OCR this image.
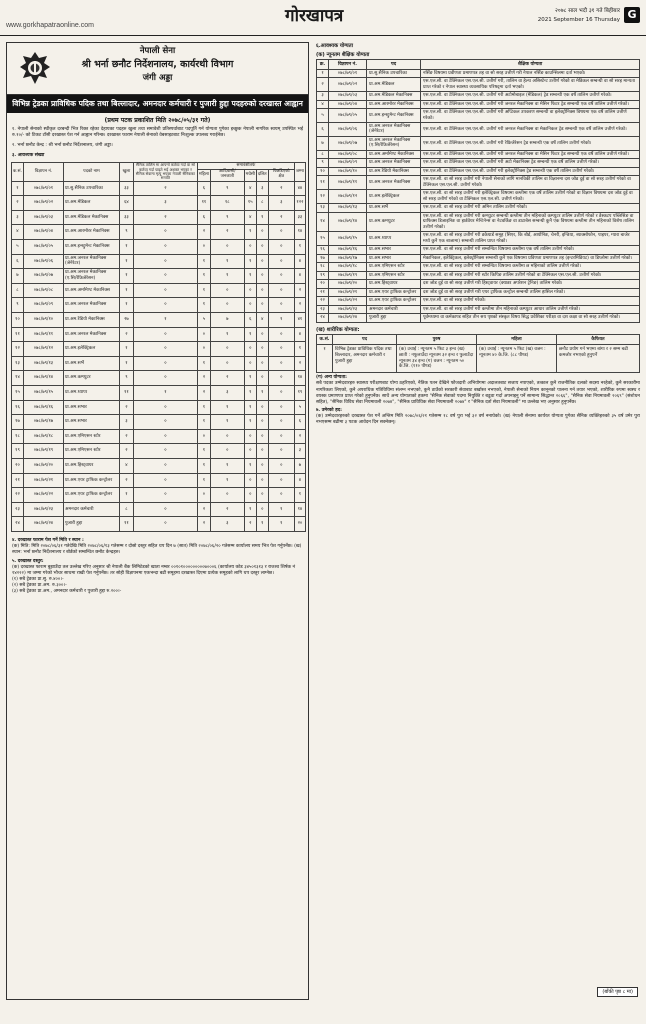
www.gorkhapatraonline.com	गोरखापत्र	२०७८ साल भदौ ३१ गते बिहीबार
2021 September 16 Thursday G
नेपाली सेना
श्री भर्ना छनौट निर्देशनालय, कार्यरथी विभाग
जंगी अड्डा
विभिन्न ट्रेडका प्राविधिक पदिक तथा बिल्लादार, अमनदार कर्मचारी र पुजारी हुद्दा पदहरुको दरखास्त आह्वान
(प्रथम पटक प्रकाशित मिति २०७८/०५/३१ गते)
१. नेपाली सेनाको स्थीकृत दरबन्दी भित्र रिक्त रहेका देहायका पदहरु खुला तथा समावेशी प्रतिस्पर्धाबाट पदपूर्ति गर्न योग्यता पुगेका इच्छुक नेपाली नागरिक स्वयम् उपस्थित भई रु.१०/- को टिकट टाँसी दरखास्त पेश गर्न आह्वान गरिन्छ। दरखास्त फाराम नेपाली सेनाको वेबसाइटबाट निःशुल्क उपलब्ध गराईनेछ।
२. भर्ना छनौट केन्द्र : श्री भर्ना छनौट निर्देशनालय, जंगी अड्डा।
३. आवश्यक संख्या
क.सं.	विज्ञापन नं.	पदको नाम	खुला	सैनिक तालिम मा आफ्नो कर्तव्य गर्दा वा सो कर्तव्य गर्दा घाइते भई अशक्त भएका र सैनिक सेवामा मृत्यु भएका नेपाली सैनिकका सन्तति	समावेशीतर्फ					जम्मा
					महिला	आदिवासी/ जनजाती	मधेसी	दलित	पिछडिएको क्षेत्र	
१	०७८/७९/०१	प्रा.सु.सैनिक उपचारिका	३३	२	६	९	४	३	२	४४
२	०७८/७९/०२	प्रा.अम.मेडिकल	६४	३	११	१८	१५	८	३	१२२
३	०७८/७९/०३	प्रा.अम.मेडिकल मेकानिक्स	३३	२	६	९	४	१	२	३३
४	०७८/७९/०४	प्रा.अम.आरमोरर मेकानिक्स	९	०	२	२	१	०	०	१४
५	०७८/७९/०५	प्रा.अम.इन्स्ट्रुमेन्ट मेकानिक्स	१	०	०	०	०	०	०	१
६	०७८/७९/०६	प्रा.अम.जनरल मेकानिक्स (जेनेरेटर)	१	०	१	१	१	०	०	४
७	०७८/७९/०७	प्रा.अम.जनरल मेकानिक्स (ए.सि/रेफ्रिजेरेसन)	१	०	१	१	१	०	०	४
८	०७८/७९/०८	प्रा.अम.अर्मामेण्ट मेकानिक्स	१	०	१	०	०	०	०	२
९	०७८/७९/०९	प्रा.अम.जनरल मेकानिक्स	१	०	१	०	०	०	०	२
१०	०७८/७९/१०	प्रा.अम.रेडियो मेकानिक्स	२७	१	५	७	६	४	१	४१
११	०७८/७९/११	प्रा.अम.जनरल मेकानिक्स	२	०	०	१	१	०	०	४
१२	०७८/७९/१२	प्रा.अम.इलेक्ट्रिकल	१	०	०	०	०	०	०	१
१३	०७८/७९/१३	प्रा.अम.सर्भे	१	०	१	०	०	०	०	२
१४	०७८/७९/१४	प्रा.अम.कम्प्युटर	९	०	२	२	१	०	०	१४
१५	०७८/७९/१५	प्रा.अम.ध्याप्प	११	१	२	३	१	१	०	१९
१६	०७८/७९/१६	प्रा.अम.सभार	२	०	१	१	१	०	०	५
१७	०७८/७९/१७	प्रा.अम.सभार	३	०	१	१	१	०	०	६
१८	०७८/७९/१८	प्रा.अम.एमिएसन स्टोर	२	०	०	०	०	०	०	२
१९	०७८/७९/१९	प्रा.अम.एमिएसन स्टोर	२	०	१	०	०	०	०	३
२०	०७८/७९/२०	प्रा.अम.हिस्ट्वायर	४	०	१	१	१	०	०	७
२१	०७८/७९/२१	प्रा.अम.एयर ट्राफिक कन्ट्रोलर	२	०	१	१	०	०	०	४
२२	०७८/७९/२२	प्रा.अम.एयर ट्राफिक कन्ट्रोलर	१	०	०	०	०	०	०	१
२३	०७८/७९/२३	अमनदार कर्मचारी	८	०	२	२	१	०	१	१४
२४	०७८/७९/२४	पुजारी हुद्दा	११	०	२	३	२	१	१	२०
४. दरखास्त फाराम पेश गर्ने मिति र स्थान :
(क) मिति: मिति २०७८/०६/३१ गतेदेखि मिति २०७८/०६/१३ गतेसम्म र दोस्रो दस्तुर सहित थप दिन ७ (सात) मिति २०७८/०६/२० गतेसम्म कार्यालय समय भित्र पेश गर्नुपर्नेछ। (ख) स्थान: भर्ना छनौट निर्देशनालय र बोर्डको सम्बन्धित छनौट केन्द्रहरु।
५. दरखास्त दस्तुर:
(क) दरखास्त फाराम बुझाउँदा तल उल्लेख गरिए अनुसार श्री नेपाली बैंक लिमिटेडको खाता नम्बर ००१०१०००००००००७०००६ (कार्यालय कोड ३४५०१३१३ र राजश्व शिर्षक नं १४२२२) मा जम्मा गरेको भौचर साथमा राखी पेश गर्नुपर्नेछ। तर सोही विज्ञापनमा एकभन्दा बढी समूहमा दरखास्त दिएमा प्रत्येक समूहको लागि थप दस्तुर लाग्नेछ।
(१) सबै ट्रेडका प्रा.सु. रु.४००।-
(२) सबै ट्रेडका प्रा.अम. रु.३००।-
(३) सबै ट्रेडका प्रा.अम., अमनदार कर्मचारी र पुजारी हुद्दा रु.२००।-
६.आवश्यक योग्यता
(क) न्यूनतम शैक्षिक योग्यता
क्र.	विज्ञापन नं.	पद	शैक्षिक योग्यता
१	०७८/७९/०१	प्रा.सु.सैनिक उपचारिका	नर्सिङ विषयमा प्रवीणता प्रमाणपत्र तह वा सो सरह उत्तीर्ण गरी नेपाल नर्सिङ काउन्सिलमा दर्ता भएको।
२	०७८/७९/०२	प्रा.अम.मेडिकल	एस.एल.सी. वा टेक्निकल एस.एल.सी. उत्तीर्ण गरी, तालिम वा हेल्थ असिस्टेन्ट उत्तीर्ण गरेको वा मेडिकल सम्बन्धी वा सो सरह मान्यता प्राप्त गरेको र नेपाल स्वास्थ्य व्यवसायिक परिषद्‌मा दर्ता भएको।
३	०७८/७९/०३	प्रा.अम.मेडिकल मेकानिक्स	एस.एल.सी. वा टेक्निकल एस.एल.सी. उत्तीर्ण गरी अटोमोबाइल (मेडिकल) ट्रेड सम्बन्धी एक वर्षे तालिम उत्तीर्ण गरेको।
४	०७८/७९/०४	प्रा.अम.आरमोरर मेकानिक्स	एस.एल.सी. वा टेक्निकल एस.एल.सी. उत्तीर्ण गरी जनरल मेकानिक्स वा मेसिन फिटर ट्रेड सम्बन्धी एक वर्षे तालिम उत्तीर्ण गरेको।
५	०७८/७९/०५	प्रा.अम.इन्स्ट्रुमेन्ट मेकानिक्स	एस.एल.सी. वा टेक्निकल एस.एल.सी. उत्तीर्ण गरी अप्टिकल उपकरण सम्बन्धी वा इलेक्ट्रोनिक्स विषयमा एक वर्षे तालिम उत्तीर्ण गरेको।
६	०७८/७९/०६	प्रा.अम.जनरल मेकानिक्स (जेनेरेटर)	एस.एल.सी. वा टेक्निकल एस.एल.सी. उत्तीर्ण गरी जनरल मेकानिक्स वा मेकानिकल ट्रेड सम्बन्धी एक वर्षे तालिम उत्तीर्ण गरेको।
७	०७८/७९/०७	प्रा.अम.जनरल मेकानिक्स (ए.सि/रेफ्रिजेरेसन)	एस.एल.सी. वा टेक्निकल एस.एल.सी. उत्तीर्ण गरी रेफ्रिजेरेसन ट्रेड सम्बन्धी एक वर्षे तालिम उत्तीर्ण गरेको।
८	०७८/७९/०८	प्रा.अम.अर्मामेण्ट मेकानिक्स	एस.एल.सी. वा टेक्निकल एस.एल.सी. उत्तीर्ण गरी जनरल मेकानिक्स वा मेसिन फिटर ट्रेड सम्बन्धी एक वर्षे तालिम उत्तीर्ण गरेको।
९	०७८/७९/०९	प्रा.अम.जनरल मेकानिक्स	एस.एल.सी. वा टेक्निकल एस.एल.सी. उत्तीर्ण गरी अटो मेकानिक्स ट्रेड सम्बन्धी एक वर्षे तालिम उत्तीर्ण गरेको।
१०	०७८/७९/१०	प्रा.अम.रेडियो मेकानिक्स	एस.एल.सी. वा टेक्निकल एस.एल.सी. उत्तीर्ण गरी इलेक्ट्रोनिक्स ट्रेड सम्बन्धी एक वर्षे तालिम उत्तीर्ण गरेको।
११	०७८/७९/११	प्रा.अम.जनरल मेकानिक्स	एस.एल.सी. वा सो सरह उत्तीर्ण गरी नेपाली सेनाको लागि मानविकी तालिम वा विज्ञानमा दश जोड दुई वा सो सरह उत्तीर्ण गरेको वा टेक्निकल एस.एल.सी. उत्तीर्ण गरेको।
१२	०७८/७९/१२	प्रा.अम.इलेक्ट्रिकल	एस.एल.सी. वा सो सरह उत्तीर्ण गरी इलेक्ट्रिकल विषयमा कम्तीमा एक वर्षे तालिम उत्तीर्ण गरेको वा विज्ञान विषयमा दश जोड दुई वा सो सरह उत्तीर्ण गरेको वा टेक्निकल एस.एल.सी. उत्तीर्ण गरेको।
१३	०७८/७९/१३	प्रा.अम.सर्भे	एस.एल.सी. वा सो सरह उत्तीर्ण गरी अमिन तालिम उत्तीर्ण गरेको।
१४	०७८/७९/१४	प्रा.अम.कम्प्युटर	एस.एल.सी. वा सो सरह उत्तीर्ण गरी कम्प्युटर सम्बन्धी कम्तीमा तीन महिनाको कम्प्युटर तालिम उत्तीर्ण गरेको र डेस्कटप पब्लिसिङ वा ग्राफिक्स डिजाइनिङ वा हार्डवेयर मेन्टिनेन्स वा नेटवर्किङ वा डाटाबेस सम्बन्धी कुनै एक विषयमा कम्तीमा तीन महिनाको विशेष तालिम उत्तीर्ण गरेको।
१५	०७८/७९/१५	प्रा.अम.ध्याप्प	एस.एल.सी. वा सो सरह उत्तीर्ण गरी डकेयार्ड समूह (सिएर, कि बोर्ड, आयोनिङ, चेनरी, इन्डिया, ब्याक्सोफोन, पाइपर, ग्यारा बाजेर मध्ये कुनै एक बाजामा) सम्बन्धी तालिम प्राप्त गरेको।
१६	०७८/७९/१६	प्रा.अम.सभार	एस.एल.सी. वा सो सरह उत्तीर्ण गरी सम्बन्धित विषयमा कम्तीमा एक वर्षे तालिम उत्तीर्ण गरेको।
१७	०७८/७९/१७	प्रा.अम.सभार	मेकानिकल, इलेक्ट्रिकल, इलेक्ट्रोनिक्स सम्बन्धी कुनै एक विषयमा प्रविणता प्रमाणपत्र तह (इन्टरमिडियट) वा डिप्लोमा उत्तीर्ण गरेको।
१८	०७८/७९/१८	प्रा.अम.एमिएसन स्टोर	एस.एल.सी. वा सो सरह उत्तीर्ण गरी सम्बन्धित विषयमा कम्तीमा छ महिनाको तालिम उत्तीर्ण गरेको।
१९	०७८/७९/१९	प्रा.अम.एमिएसन स्टोर	एस.एल.सी. वा सो सरह उत्तीर्ण गरी स्टोर किपिङ तालिम उत्तीर्ण गरेको वा टेक्निकल एस.एल.सी. उत्तीर्ण गरेको।
२०	०७८/७९/२०	प्रा.अम.हिस्ट्वायर	दश जोड दुई वा सो सरह उत्तीर्ण गरी हिस्ट्वायर (क्याडर अपरेशन ट्रेनिङ) तालिम गरेको।
२१	०७८/७९/२१	प्रा.अम.एयर ट्राफिक कन्ट्रोलर	दश जोड दुई वा सो सरह उत्तीर्ण गरी एयर ट्राफिक कन्ट्रोल सम्बन्धी तालिम हासिल गरेको।
२२	०७८/७९/२२	प्रा.अम.एयर ट्राफिक कन्ट्रोलर	एस.एल.सी. वा सो सरह उत्तीर्ण गरेको।
२३	०७८/७९/२३	अमनदार कर्मचारी	एस.एल.सी. वा सो सरह उत्तीर्ण गरी कम्तीमा तीन महिनाको कम्प्युटर आधार तालिम उत्तीर्ण गरेको।
२४	०७८/७९/२४	पुजारी हुद्दा	पूर्वमध्यमा वा कर्मकाण्ड सहित तीन सय पृष्ठको संस्कृत विषय सिद्ध प्रवेशिका परीक्षा वा दश कक्षा वा सो सरह उत्तीर्ण गरेको।
(ख) शारीरिक योग्यता:
क.सं.	पद	पुरुष	महिला	कैफियत
१	विभिन्न ट्रेडका प्राविधिक पदिक तथा बिल्लादार, अमनदार कर्मचारी र पुजारी हुद्दा	(क) उचाई : न्यूनतम ५ फिट ३ इन्च (ख) छाती : नफुलाउँदा न्यूनतम ३२ इन्च र फुलाउँदा न्यूनतम ३४ इन्च (ग) वजन : न्यूनतम ५० के.जि. (११० पौण्ड)	(क) उचाई : न्यूनतम ५ फिट (ख) वजन : न्यूनतम ४० के.जि. (८८ पौण्ड)	छनौट प्रयोग गर्न भएमा बांगा र २ सम्म बढी कमजोर नभएको हुनुपर्ने
(ग) अन्य योग्यता:
सबै पदका उम्मेदवारहरु स्वास्थ्य परीक्षणबाट योग्य ठहरिएको, नैतिक पतन देखिने फौजदारी अभियोगमा अदालतबाट सजाय नपाएको, तत्काल कुनै राजनीतिक दलको सदस्य नरहेको, कुनै सरकारीमा नागरिकता लिएको, कुनै अपराधिक गतिविधिमा संलग्न नभएको, कुनै ठाउँको सरकारी सेवाबाट बर्खास्त नभएको, नेपाली सेनाको नियम कानूनको पालना गर्न तयार भएको, शारीरिक रुपमा स्वस्थ र वयस्क प्रमाणपत्र प्राप्त गरेको हुनुपर्नेछ। साथै अन्य योग्यताको हकमा "सैनिक सेवाको पदमा नियुक्ति र बढुवा गर्दा अपनाइनु पर्ने सामान्य सिद्धान्त २०६६", "सैनिक सेवा नियमावली २०६९" (संशोधन सहित), "सैनिक विविध सेवा नियमावली २०७४", "सैनिक प्राविधिक सेवा नियमावली २०७४" र "सैनिक दर्ता सेवा नियमावली" मा उल्लेख भए अनुसार हुनुपर्नेछ।
७. उमेरको हद:
(क) उम्मेदवारहरुको दरखास्त पेश गर्ने अन्तिम मिति २०७८/०६/२१ गतेसम्म १८ वर्ष पुरा भई ३२ वर्ष ननाघेको। (ख) नेपाली सेनामा कार्यरत योग्यता पुगेका सैनिक व्यक्तिहरुको ३५ वर्ष उमेर पुरा नभएसम्म बढीमा ३ पटक आवेदन दिन सक्नेछन्।
(बाँकी पृष्ठ ८ मा)
